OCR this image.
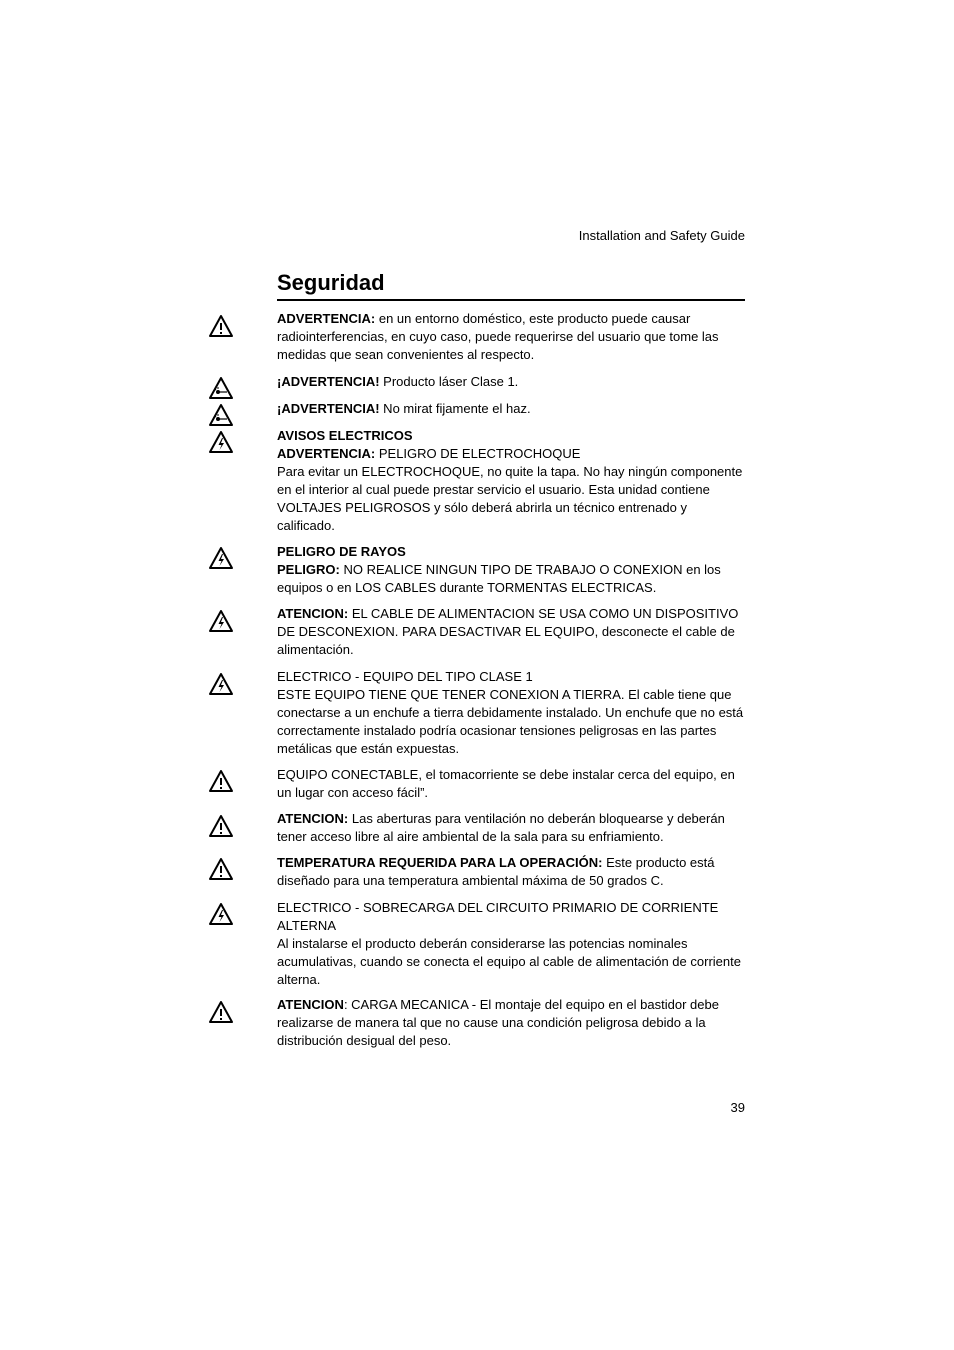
Installation and Safety Guide
Seguridad
ADVERTENCIA: en un entorno doméstico, este producto puede causar radiointerferencias, en cuyo caso, puede requerirse del usuario que tome las medidas que sean convenientes al respecto.
¡ADVERTENCIA! Producto láser Clase 1.
¡ADVERTENCIA! No mirat fijamente el haz.
AVISOS ELECTRICOS
ADVERTENCIA: PELIGRO DE ELECTROCHOQUE
Para evitar un ELECTROCHOQUE, no quite la tapa. No hay ningún componente en el interior al cual puede prestar servicio el usuario. Esta unidad contiene VOLTAJES PELIGROSOS y sólo deberá abrirla un técnico entrenado y calificado.
PELIGRO DE RAYOS
PELIGRO: NO REALICE NINGUN TIPO DE TRABAJO O CONEXION en los equipos o en LOS CABLES durante TORMENTAS ELECTRICAS.
ATENCION: EL CABLE DE ALIMENTACION SE USA COMO UN DISPOSITIVO DE DESCONEXION. PARA DESACTIVAR EL EQUIPO, desconecte el cable de alimentación.
ELECTRICO - EQUIPO DEL TIPO CLASE 1
ESTE EQUIPO TIENE QUE TENER CONEXION A TIERRA. El cable tiene que conectarse a un enchufe a tierra debidamente instalado. Un enchufe que no está correctamente instalado podría ocasionar tensiones peligrosas en las partes metálicas que están expuestas.
EQUIPO CONECTABLE, el tomacorriente se debe instalar cerca del equipo, en un lugar con acceso fácil”.
ATENCION: Las aberturas para ventilación no deberán bloquearse y deberán tener acceso libre al aire ambiental de la sala para su enfriamiento.
TEMPERATURA REQUERIDA PARA LA OPERACIÓN: Este producto está diseñado para una temperatura ambiental máxima de 50 grados C.
ELECTRICO - SOBRECARGA DEL CIRCUITO PRIMARIO DE CORRIENTE ALTERNA
Al instalarse el producto deberán considerarse las potencias nominales acumulativas, cuando se conecta el equipo al cable de alimentación de corriente alterna.
ATENCION: CARGA MECANICA - El montaje del equipo en el bastidor debe realizarse de manera tal que no cause una condición peligrosa debido a la distribución desigual del peso.
39
